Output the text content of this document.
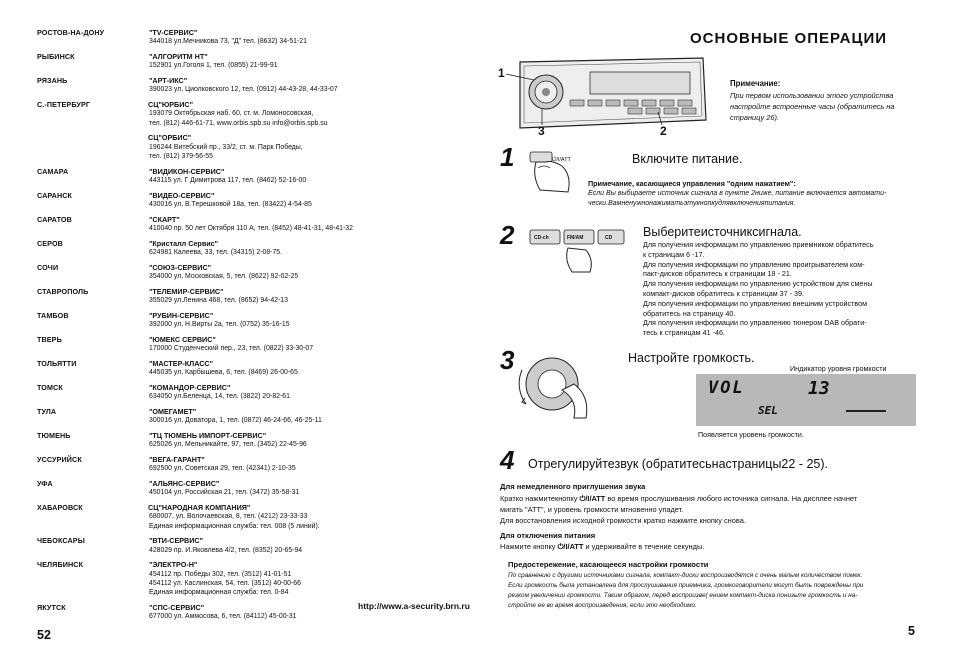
РОСТОВ-НА-ДОНУ	"TV-СЕРВИС"
344018 ул.Мечникова 73, "Д" тел. (8632) 34-51-21
РЫБИНСК	"АЛГОРИТМ НТ"
152901 ул.Гоголя 1, тел. (0855) 21-99-91
РЯЗАНЬ	"АРТ-ИКС"
390023 ул. Циолковского 12, тел. (0912) 44-43-28, 44-33-07
С.-ПЕТЕРБУРГ	СЦ"ЮРБИС"
193079 Октябрьская наб. 60, ст. м. Ломоносовская,
тел. (812) 446-61-71, www.orbis.spb.su info@orbis.spb.su
СЦ"ОРБИС"
196244 Витебский пр., 33/2, ст. м. Парк Победы,
тел. (812) 379-56-55
САМАРА	"ВИДИКОН-СЕРВИС"
443115 ул. Г Димитрова 117, тел. (8462) 52-16-00
САРАНСК	"ВИДЕО-СЕРВИС"
430016 ул. В.Терешковой 18а, тел. (83422) 4-54-85
САРАТОВ	"СКАРТ"
410040 пр. 50 лет Октября 110 А, тел. (8452) 48-41-31, 48-41-32
СЕРОВ	"Кристалл Сервис"
624981 Калеева, 33, тел. (34315) 2-08-75.
СОЧИ	"СОЮЗ-СЕРВИС"
354000 ул. Московская, 5, тел. (8622) 92-02-25
СТАВРОПОЛЬ	"ТЕЛЕМИР-СЕРВИС"
355029 ул.Ленина 468, тел. (8652) 94-42-13
ТАМБОВ	"РУБИН-СЕРВИС"
392000 ул. Н.Вирты 2а, тел. (0752) 35-16-15
ТВЕРЬ	"ЮМЕКС СЕРВИС"
170000 Студенческий пер., 23, тел. (0822) 33-30-07
ТОЛЬЯТТИ	"МАСТЕР-КЛАСС"
445035 ул. Карбышева, 6, тел. (8469) 26-00-65
ТОМСК	"КОМАНДОР-СЕРВИС"
634050 ул.Беленца, 14, тел. (3822) 20-82-61
ТУЛА	"ОМЕГАМЕТ"
300016 ул. Доватора, 1, тел. (0872) 46-24-66, 46-25-11
ТЮМЕНЬ	"ТЦ ТЮМЕНЬ ИМПОРТ-СЕРВИС"
625026 ул. Мельникайте, 97, тел. (3452) 22-45-96
УССУРИЙСК	"ВЕГА-ГАРАНТ"
692500 ул. Советская 29, тел. (42341) 2-10-35
УФА	"АЛЬЯНС-СЕРВИС"
450104 ул. Российская 21, тел. (3472) 35-58-31
ХАБАРОВСК	СЦ"НАРОДНАЯ КОМПАНИЯ"
680007, ул. Волочаевская, 8, тел. (4212) 23-33-33
Единая информационная служба: тел. 008 (5 линий).
ЧЕБОКСАРЫ	"ВТИ-СЕРВИС"
428029 пр. И.Яковлева 4/2, тел. (8352) 20-65-94
ЧЕЛЯБИНСК	"ЭЛЕКТРО-Н"
454112 пр. Победы 302, тел. (3512) 41-01-51
454112 ул. Каслинская, 54, тел. (3512) 40-00-66
Единая информационная служба: тел. 0-84
ЯКУТСК	"СПС-СЕРВИС"
677000 ул. Аммосова, 6, тел. (84112) 45-00-31
http://www.a-security.brn.ru
52
ОСНОВНЫЕ ОПЕРАЦИИ
1
3	2
Примечание:
При первом использовании этого устройства
настройте встроенные часы (обратитесь на
страницу 26).
1	⏻/I/ATT	Включите питание.
Примечание, касающиеся управления "одним нажатием":
Если Вы выбираете источник сигнала в пункте 2ниже, питание включается автомати-
чески.Вамненужнонажиматьэтукнопкудлявключенияпитания.
2	CD-ch	FM/AM	CD Выберитеисточниксигнала.
Для получения информации по управлению приемником обратитесь
к страницам 6 -17.
Для получения информации по управлению проигрывателем ком-
пакт-дисков обратитесь к страницам 18 - 21.
Для получения информации по управлению устройством для смены
компакт-дисков обратитесь к страницам 37 - 39.
Для получения информации по управлению внешним устройством
обратитесь на страницу 40.
Для получения информации по управлению тюнером DAB обрати-
тесь к страницам 41 -46.
3	Настройте громкость.
Индикатор уровня громкости
VOL	13
SEL
Появляется уровень громкости.
4 Отрегулируйтезвук (обратитесьнастраницы22 - 25).
Для немедленного приглушения звука
Кратко нажмитекнопку ⏻/I/ATT во время прослушивания любого источника сигнала. На дисплее начнет
мигать "ATT", и уровень громкости мгновенно упадет.
Для восстановления исходной громкости кратко нажмите кнопку снова.
Для отключения питания
Нажмите кнопку ⏻/I/ATT и удерживайте в течение секунды.
Предостережение, касающееся настройки громкости
По сравнению с другими источниками сигнала, компакт-диски воспроизводятся с очень малым количеством помех.
Если громкость была установлена для прослушивания приемника, громкоговорители могут быть повреждены при
резком увеличении громкости. Таким образом, перед воспроизве( ением компакт-диска понизьте громкость и на-
стройте ее во время воспроизведения, если это необходимо.
5
